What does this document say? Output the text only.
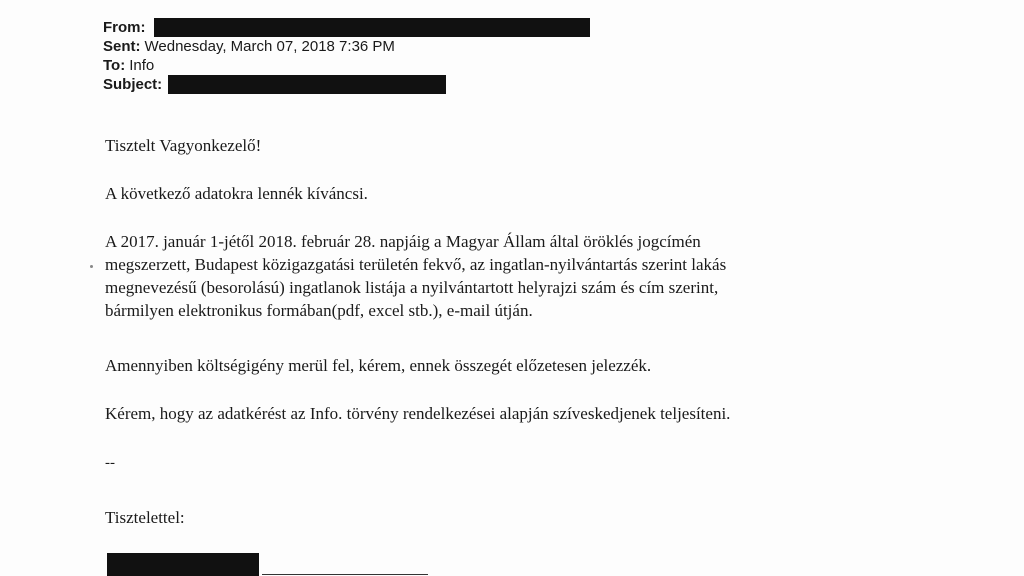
From:
Sent: Wednesday, March 07, 2018 7:36 PM
To: Info
Subject:

Tisztelt Vagyonkezelő!

A következő adatokra lennék kíváncsi.

A 2017. január 1-jétől 2018. február 28. napjáig a Magyar Állam által öröklés jogcímén
megszerzett, Budapest közigazgatási területén fekvő, az ingatlan-nyilvántartás szerint lakás
megnevezésű (besorolású) ingatlanok listája a nyilvántartott helyrajzi szám és cím szerint,
bármilyen elektronikus formában(pdf, excel stb.), e-mail útján.

Amennyiben költségigény merül fel, kérem, ennek összegét előzetesen jelezzék.

Kérem, hogy az adatkérést az Info. törvény rendelkezései alapján szíveskedjenek teljesíteni.

--

Tisztelettel:
